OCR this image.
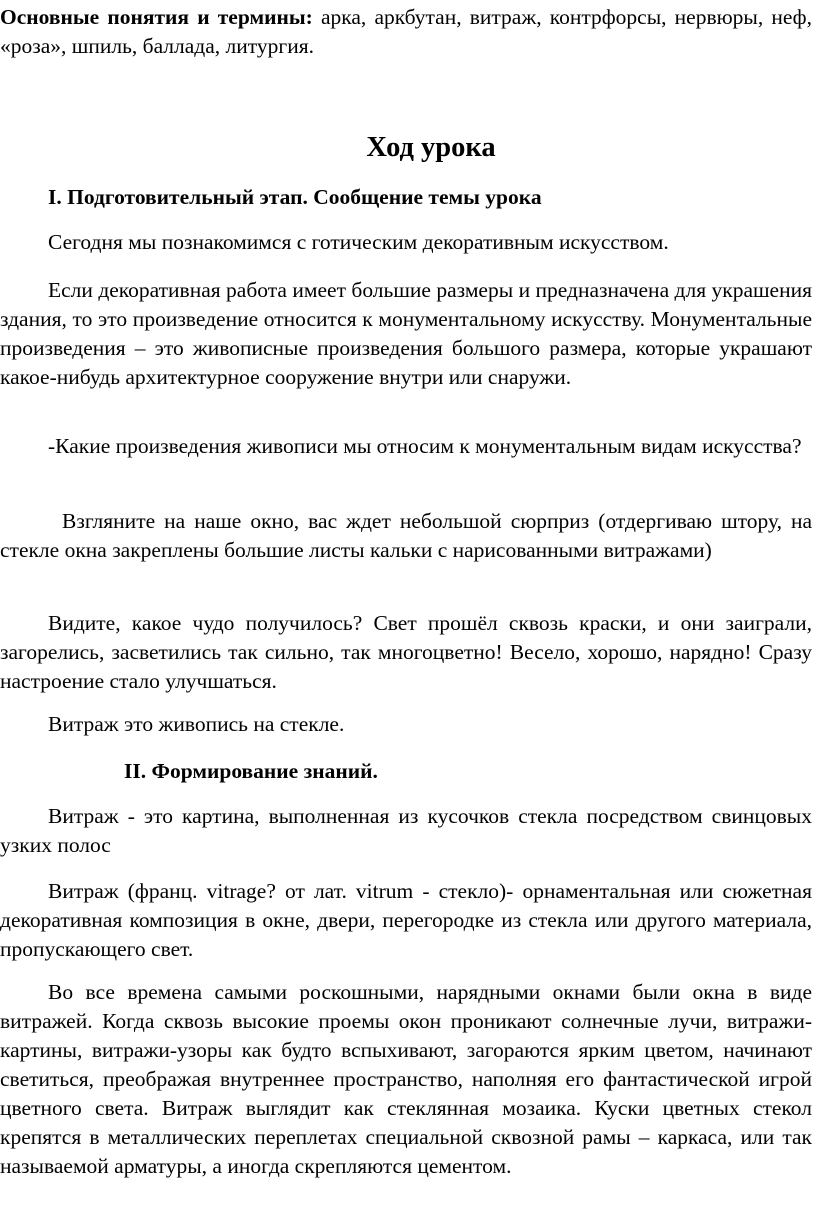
Основные понятия и термины: арка, аркбутан, витраж, контрфорсы, нервюры, неф, «роза», шпиль, баллада, литургия.

Ход урока

I. Подготовительный этап. Сообщение темы урока

Сегодня мы познакомимся с готическим декоративным искусством.

Если декоративная работа имеет большие размеры и предназначена для украшения здания, то это произведение относится к монументальному искусству. Монументальные произведения – это живописные произведения большого размера, которые украшают какое-нибудь архитектурное сооружение внутри или снаружи.

-Какие произведения живописи мы относим к монументальным видам искусства?

Взгляните на наше окно, вас ждет небольшой сюрприз (отдергиваю штору, на стекле окна закреплены большие листы кальки с нарисованными витражами)

Видите, какое чудо получилось? Свет прошёл сквозь краски, и они заиграли, загорелись, засветились так сильно, так многоцветно! Весело, хорошо, нарядно! Сразу настроение стало улучшаться.

Витраж это живопись на стекле.

II. Формирование знаний.

Витраж - это картина, выполненная из кусочков стекла посредством свинцовых узких полос

Витраж (франц. vitrage? от лат. vitrum - стекло)- орнаментальная или сюжетная декоративная композиция в окне, двери, перегородке из стекла или другого материала, пропускающего свет.

Во все времена самыми роскошными, нарядными окнами были окна в виде витражей. Когда сквозь высокие проемы окон проникают солнечные лучи, витражи-картины, витражи-узоры как будто вспыхивают, загораются ярким цветом, начинают светиться, преображая внутреннее пространство, наполняя его фантастической игрой цветного света. Витраж выглядит как стеклянная мозаика. Куски цветных стекол крепятся в металлических переплетах специальной сквозной рамы – каркаса, или так называемой арматуры, а иногда скрепляются цементом.
